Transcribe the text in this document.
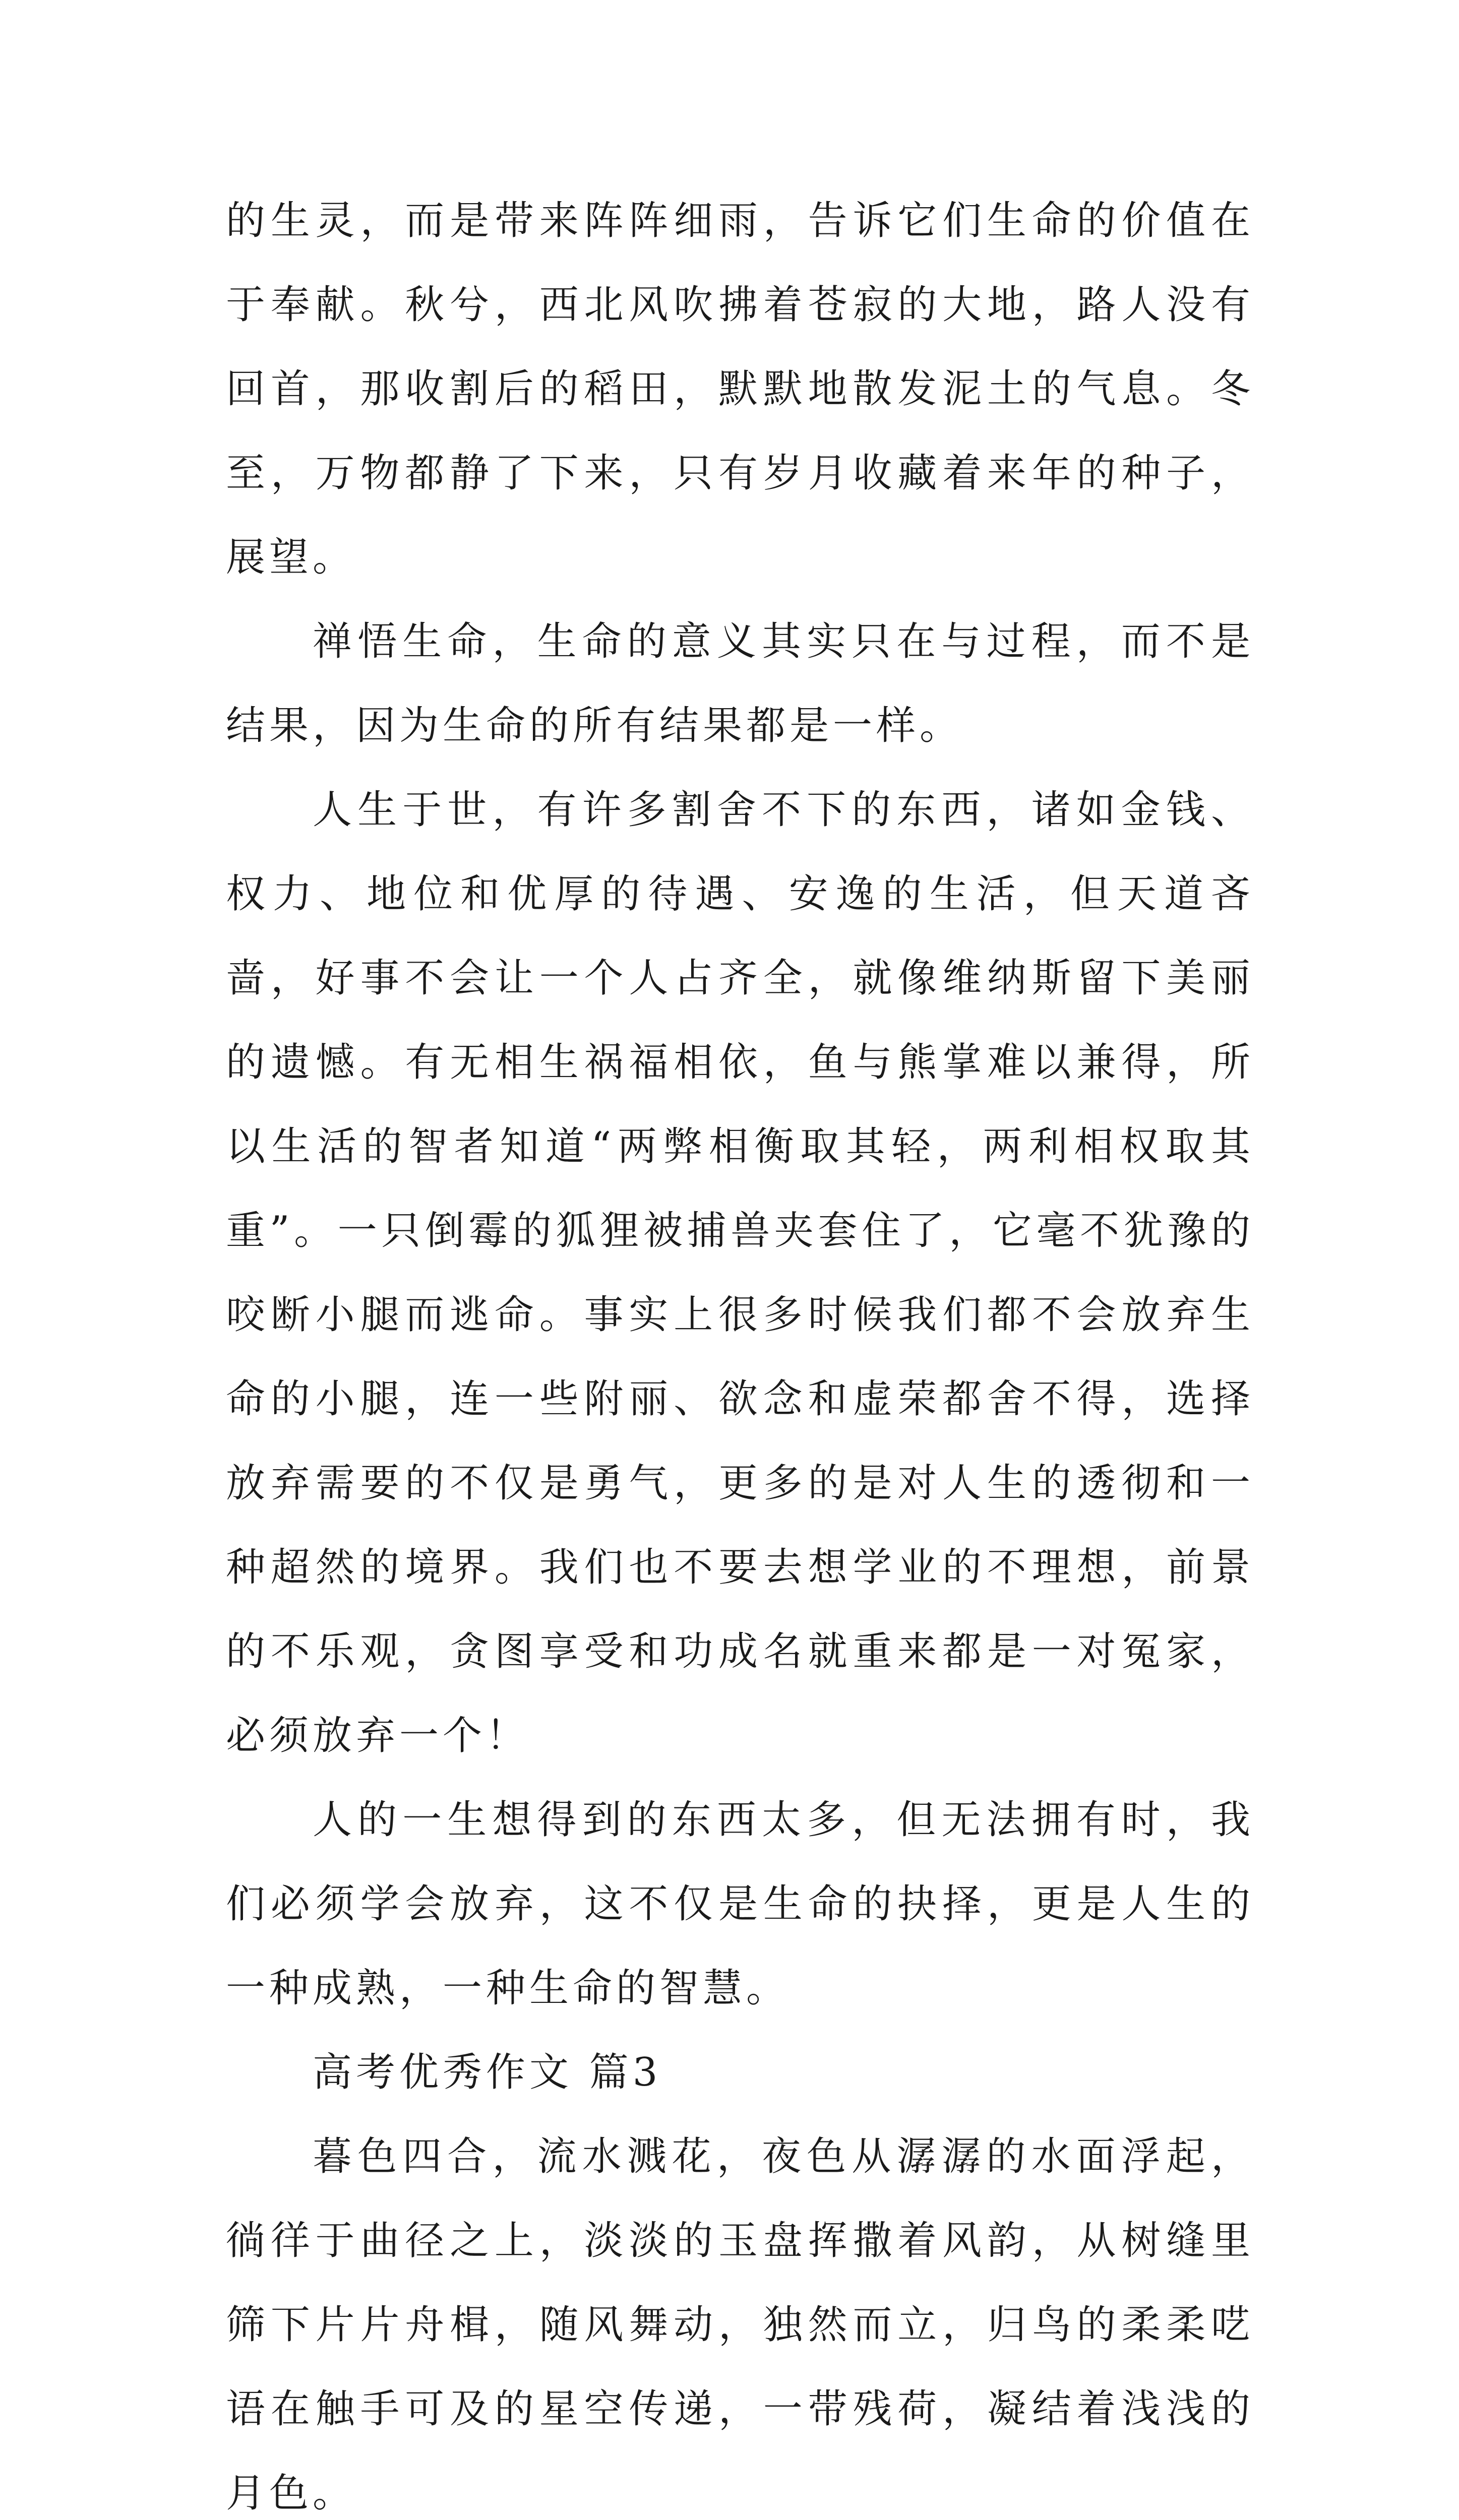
的生灵，而是带来阵阵细雨，告诉它们生命的价值在于奉献。秋兮，西北风吹拂着苍寂的大地，路人没有回首，那收割后的稻田，默默地散发泥土的气息。冬至，万物都静了下来，只有岁月收藏着来年的种子，展望。

禅悟生命，生命的意义其实只在与过程，而不是结果，因为生命的所有结果都是一样。

人生于世，有许多割舍不下的东西，诸如金钱、权力、地位和优厚的待遇、安逸的生活，但天道吝啬，好事不会让一个人占齐全，就像维纳斯留下美丽的遗憾。有无相生祸福相依，鱼与熊掌难以兼得，所以生活的智者知道“两弊相衡取其轻，两利相权取其重”。一只倒霉的狐狸被捕兽夹套住了，它毫不犹豫的咬断小腿而逃命。事实上很多时候我们都不会放弃生命的小腿，连一些附丽、欲念和虚荣都舍不得，选择放弃需要的不仅是勇气，更多的是对人生的透彻和一种超然的境界。我们也不要去想学业的不理想，前景的不乐观，贪图享受和功成名就重来都是一对冤家，必须放弃一个！

人的一生想得到的东西太多，但无法拥有时，我们必须学会放弃，这不仅是生命的抉择，更是人生的一种成熟，一种生命的智慧。

高考优秀作文 篇3

暮色四合，流水溅花，夜色从潺潺的水面浮起，徜徉于曲径之上，淡淡的玉盘挥撒着风韵，从树缝里筛下片片舟楫，随风舞动，独然而立，归鸟的柔柔呓语在触手可及的星空传递，一带残荷，凝结着浅浅的月色。
